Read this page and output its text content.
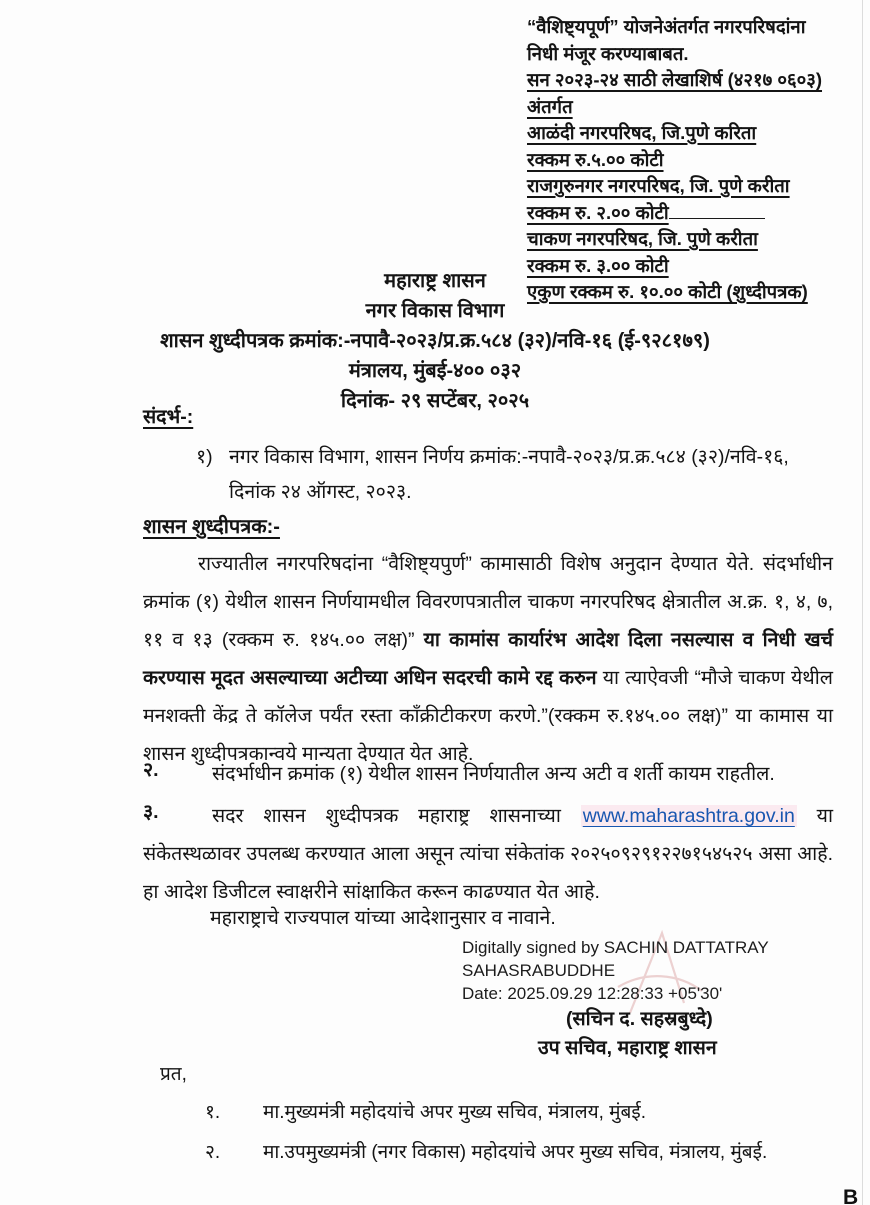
“वैशिष्ट्यपूर्ण” योजनेअंतर्गत नगरपरिषदांना
निधी मंजूर करण्याबाबत.
सन २०२३-२४ साठी लेखाशिर्ष (४२१७ ०६०३) अंतर्गत
आळंदी नगरपरिषद, जि.पुणे करिता
रक्कम रु.५.०० कोटी
राजगुरुनगर नगरपरिषद, जि. पुणे करीता
रक्कम रु. २.०० कोटी
चाकण नगरपरिषद, जि. पुणे करीता
रक्कम रु. ३.०० कोटी
एकुण रक्कम रु. १०.०० कोटी (शुध्दीपत्रक)
महाराष्ट्र शासन
नगर विकास विभाग
शासन शुध्दीपत्रक क्रमांक:-नपावै-२०२३/प्र.क्र.५८४ (३२)/नवि-१६ (ई-९२८१७९)
मंत्रालय, मुंबई-४०० ०३२
दिनांक- २९ सप्टेंबर, २०२५
संदर्भ-:
१) नगर विकास विभाग, शासन निर्णय क्रमांक:-नपावै-२०२३/प्र.क्र.५८४ (३२)/नवि-१६, दिनांक २४ ऑगस्ट, २०२३.
शासन शुध्दीपत्रक:-
राज्यातील नगरपरिषदांना “वैशिष्ट्यपुर्ण” कामासाठी विशेष अनुदान देण्यात येते. संदर्भाधीन क्रमांक (१) येथील शासन निर्णयामधील विवरणपत्रातील चाकण नगरपरिषद क्षेत्रातील अ.क्र. १, ४, ७, ११ व १३ (रक्कम रु. १४५.०० लक्ष)” या कामांस कार्यारंभ आदेश दिला नसल्यास व निधी खर्च करण्यास मूदत असल्याच्या अटीच्या अधिन सदरची कामे रद्द करुन या त्याऐवजी “मौजे चाकण येथील मनशक्ती केंद्र ते कॉलेज पर्यंत रस्ता काँक्रीटीकरण करणे.”(रक्कम रु.१४५.०० लक्ष)” या कामास या शासन शुध्दीपत्रकान्वये मान्यता देण्यात येत आहे.
२.	संदर्भाधीन क्रमांक (१) येथील शासन निर्णयातील अन्य अटी व शर्ती कायम राहतील.
३.	सदर शासन शुध्दीपत्रक महाराष्ट्र शासनाच्या www.maharashtra.gov.in या संकेतस्थळावर उपलब्ध करण्यात आला असून त्यांचा संकेतांक २०२५०९२९१२२७१५४५२५ असा आहे. हा आदेश डिजीटल स्वाक्षरीने सांक्षाकित करून काढण्यात येत आहे.
महाराष्ट्राचे राज्यपाल यांच्या आदेशानुसार व नावाने.
Digitally signed by SACHIN DATTATRAY
SAHASRABUDDHE
Date: 2025.09.29 12:28:33 +05'30'
(सचिन द. सहस्रबुध्दे)
उप सचिव, महाराष्ट्र शासन
प्रत,
१. मा.मुख्यमंत्री महोदयांचे अपर मुख्य सचिव, मंत्रालय, मुंबई.
२. मा.उपमुख्यमंत्री (नगर विकास) महोदयांचे अपर मुख्य सचिव, मंत्रालय, मुंबई.
B
